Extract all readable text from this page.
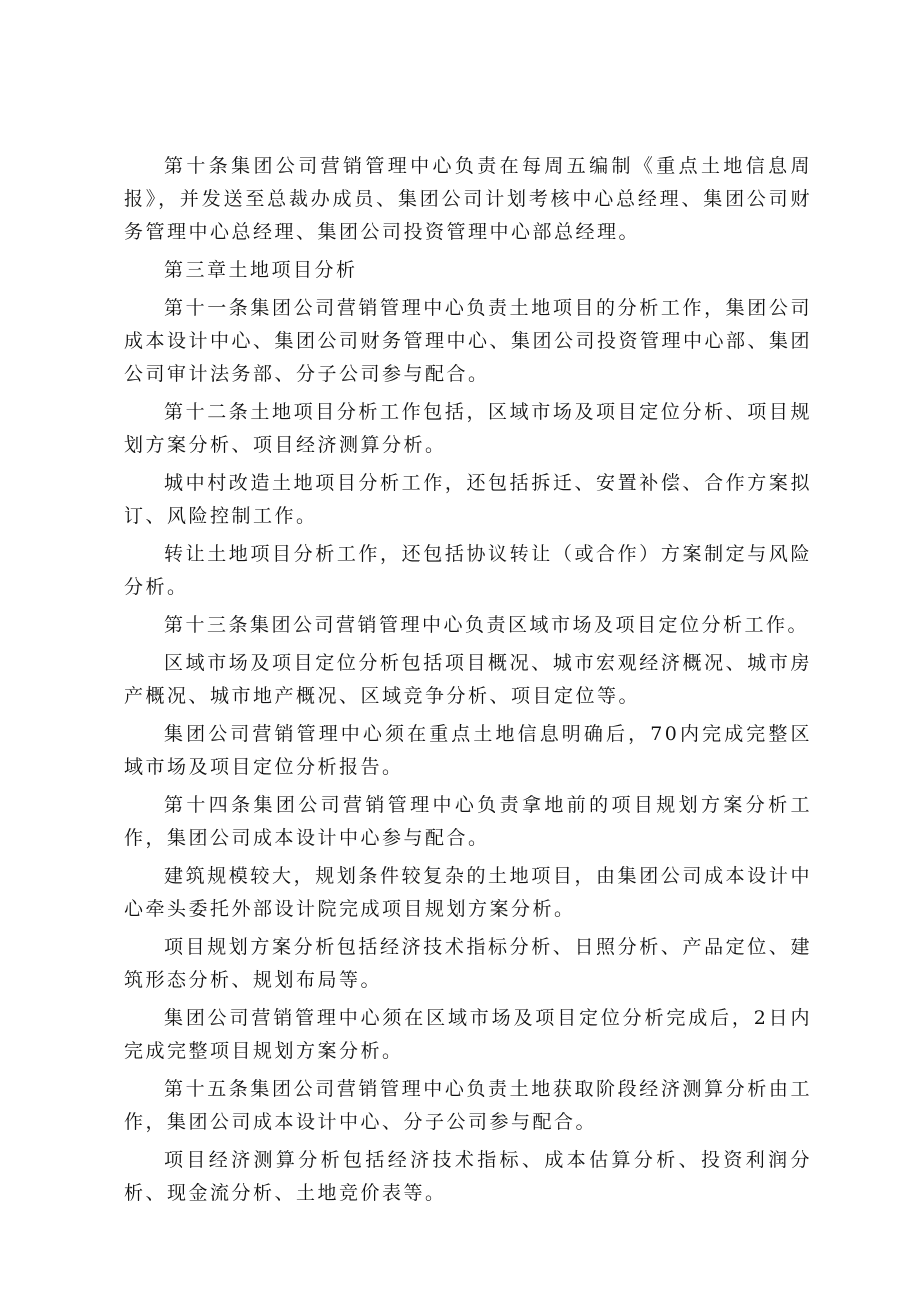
第十条集团公司营销管理中心负责在每周五编制《重点土地信息周报》，并发送至总裁办成员、集团公司计划考核中心总经理、集团公司财务管理中心总经理、集团公司投资管理中心部总经理。

第三章土地项目分析

第十一条集团公司营销管理中心负责土地项目的分析工作，集团公司成本设计中心、集团公司财务管理中心、集团公司投资管理中心部、集团公司审计法务部、分子公司参与配合。

第十二条土地项目分析工作包括，区域市场及项目定位分析、项目规划方案分析、项目经济测算分析。

城中村改造土地项目分析工作，还包括拆迁、安置补偿、合作方案拟订、风险控制工作。

转让土地项目分析工作，还包括协议转让（或合作）方案制定与风险分析。

第十三条集团公司营销管理中心负责区域市场及项目定位分析工作。

区域市场及项目定位分析包括项目概况、城市宏观经济概况、城市房产概况、城市地产概况、区域竞争分析、项目定位等。

集团公司营销管理中心须在重点土地信息明确后，70内完成完整区域市场及项目定位分析报告。

第十四条集团公司营销管理中心负责拿地前的项目规划方案分析工作，集团公司成本设计中心参与配合。

建筑规模较大，规划条件较复杂的土地项目，由集团公司成本设计中心牵头委托外部设计院完成项目规划方案分析。

项目规划方案分析包括经济技术指标分析、日照分析、产品定位、建筑形态分析、规划布局等。

集团公司营销管理中心须在区域市场及项目定位分析完成后，2日内完成完整项目规划方案分析。

第十五条集团公司营销管理中心负责土地获取阶段经济测算分析由工作，集团公司成本设计中心、分子公司参与配合。

项目经济测算分析包括经济技术指标、成本估算分析、投资利润分析、现金流分析、土地竞价表等。
